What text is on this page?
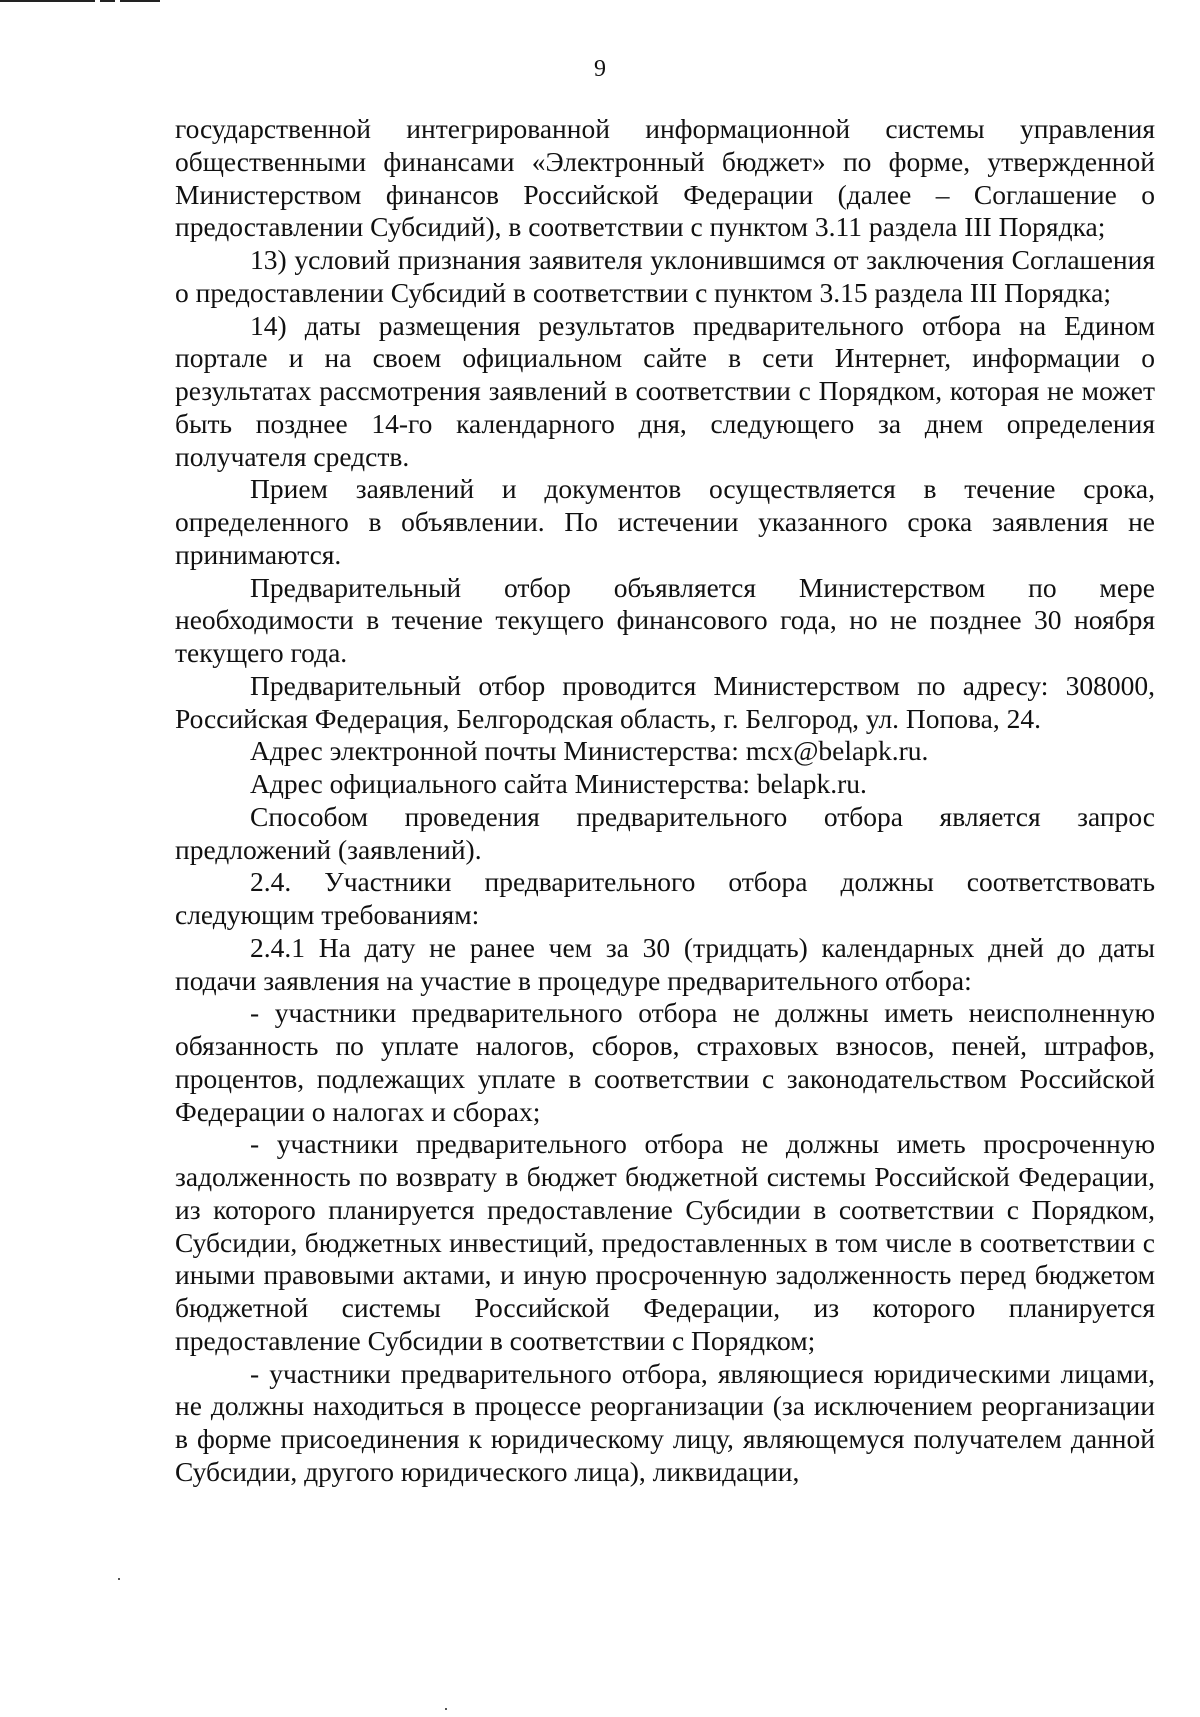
9

государственной интегрированной информационной системы управления общественными финансами «Электронный бюджет» по форме, утвержденной Министерством финансов Российской Федерации (далее – Соглашение о предоставлении Субсидий), в соответствии с пунктом 3.11 раздела III Порядка;

13) условий признания заявителя уклонившимся от заключения Соглашения о предоставлении Субсидий в соответствии с пунктом 3.15 раздела III Порядка;

14) даты размещения результатов предварительного отбора на Едином портале и на своем официальном сайте в сети Интернет, информации о результатах рассмотрения заявлений в соответствии с Порядком, которая не может быть позднее 14-го календарного дня, следующего за днем определения получателя средств.

Прием заявлений и документов осуществляется в течение срока, определенного в объявлении. По истечении указанного срока заявления не принимаются.

Предварительный отбор объявляется Министерством по мере необходимости в течение текущего финансового года, но не позднее 30 ноября текущего года.

Предварительный отбор проводится Министерством по адресу: 308000, Российская Федерация, Белгородская область, г. Белгород, ул. Попова, 24.

Адрес электронной почты Министерства: mcx@belapk.ru.

Адрес официального сайта Министерства: belapk.ru.

Способом проведения предварительного отбора является запрос предложений (заявлений).

2.4. Участники предварительного отбора должны соответствовать следующим требованиям:

2.4.1 На дату не ранее чем за 30 (тридцать) календарных дней до даты подачи заявления на участие в процедуре предварительного отбора:

- участники предварительного отбора не должны иметь неисполненную обязанность по уплате налогов, сборов, страховых взносов, пеней, штрафов, процентов, подлежащих уплате в соответствии с законодательством Российской Федерации о налогах и сборах;

- участники предварительного отбора не должны иметь просроченную задолженность по возврату в бюджет бюджетной системы Российской Федерации, из которого планируется предоставление Субсидии в соответствии с Порядком, Субсидии, бюджетных инвестиций, предоставленных в том числе в соответствии с иными правовыми актами, и иную просроченную задолженность перед бюджетом бюджетной системы Российской Федерации, из которого планируется предоставление Субсидии в соответствии с Порядком;

- участники предварительного отбора, являющиеся юридическими лицами, не должны находиться в процессе реорганизации (за исключением реорганизации в форме присоединения к юридическому лицу, являющемуся получателем данной Субсидии, другого юридического лица), ликвидации,
